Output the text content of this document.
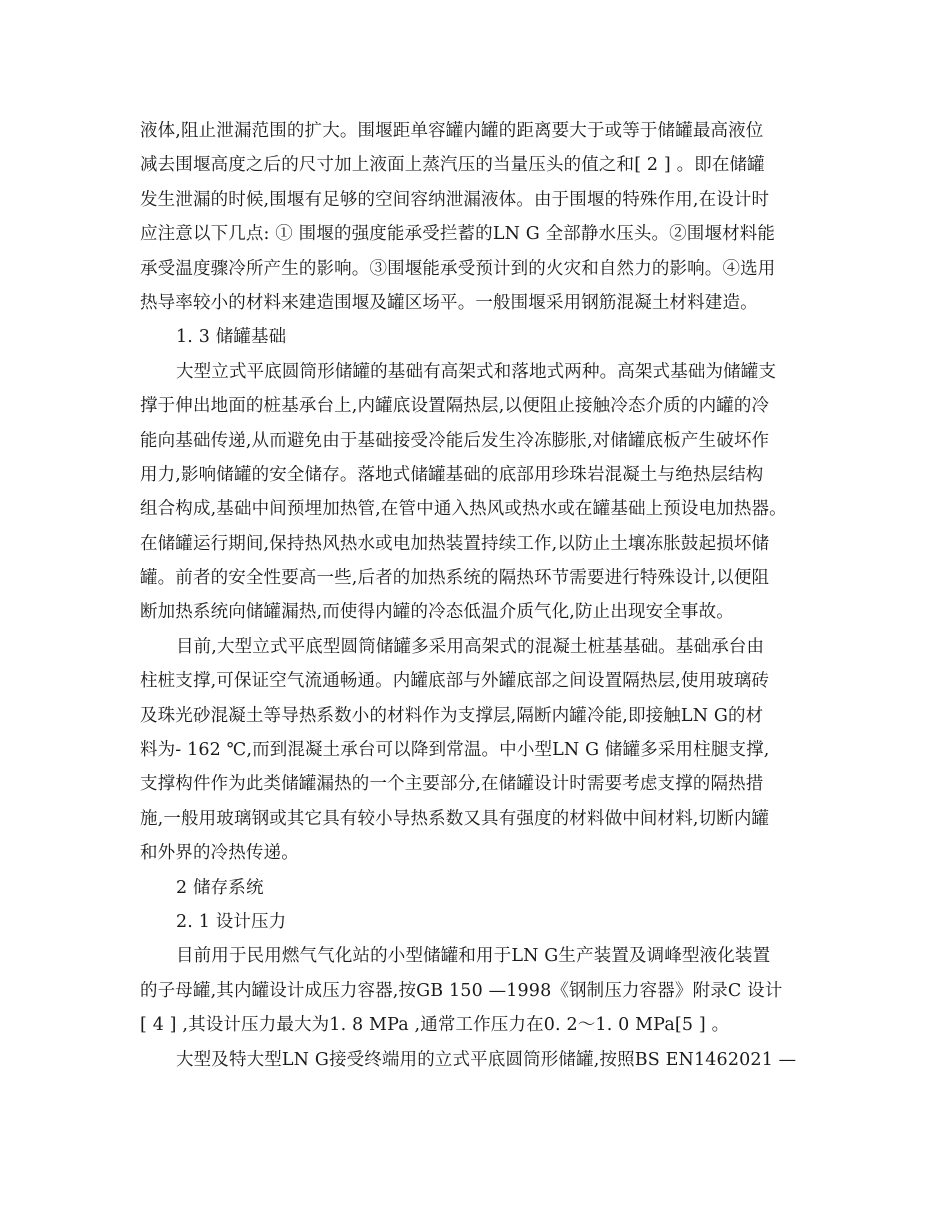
液体,阻止泄漏范围的扩大。围堰距单容罐内罐的距离要大于或等于储罐最高液位
减去围堰高度之后的尺寸加上液面上蒸汽压的当量压头的值之和[ 2 ] 。即在储罐
发生泄漏的时候,围堰有足够的空间容纳泄漏液体。由于围堰的特殊作用,在设计时
应注意以下几点: ① 围堰的强度能承受拦蓄的LN G 全部静水压头。②围堰材料能
承受温度骤冷所产生的影响。③围堰能承受预计到的火灾和自然力的影响。④选用
热导率较小的材料来建造围堰及罐区场平。一般围堰采用钢筋混凝土材料建造。
1. 3 储罐基础
大型立式平底圆筒形储罐的基础有高架式和落地式两种。高架式基础为储罐支
撑于伸出地面的桩基承台上,内罐底设置隔热层,以便阻止接触冷态介质的内罐的冷
能向基础传递,从而避免由于基础接受冷能后发生冷冻膨胀,对储罐底板产生破坏作
用力,影响储罐的安全储存。落地式储罐基础的底部用珍珠岩混凝土与绝热层结构
组合构成,基础中间预埋加热管,在管中通入热风或热水或在罐基础上预设电加热器。
在储罐运行期间,保持热风热水或电加热装置持续工作,以防止土壤冻胀鼓起损坏储
罐。前者的安全性要高一些,后者的加热系统的隔热环节需要进行特殊设计,以便阻
断加热系统向储罐漏热,而使得内罐的冷态低温介质气化,防止出现安全事故。
目前,大型立式平底型圆筒储罐多采用高架式的混凝土桩基基础。基础承台由
柱桩支撑,可保证空气流通畅通。内罐底部与外罐底部之间设置隔热层,使用玻璃砖
及珠光砂混凝土等导热系数小的材料作为支撑层,隔断内罐冷能,即接触LN G的材
料为- 162 ℃,而到混凝土承台可以降到常温。中小型LN G 储罐多采用柱腿支撑,
支撑构件作为此类储罐漏热的一个主要部分,在储罐设计时需要考虑支撑的隔热措
施,一般用玻璃钢或其它具有较小导热系数又具有强度的材料做中间材料,切断内罐
和外界的冷热传递。
2 储存系统
2. 1 设计压力
目前用于民用燃气气化站的小型储罐和用于LN G生产装置及调峰型液化装置
的子母罐,其内罐设计成压力容器,按GB 150 —1998《钢制压力容器》附录C 设计
[ 4 ] ,其设计压力最大为1. 8 MPa ,通常工作压力在0. 2～1. 0 MPa[5 ] 。
大型及特大型LN G接受终端用的立式平底圆筒形储罐,按照BS EN1462021 —
